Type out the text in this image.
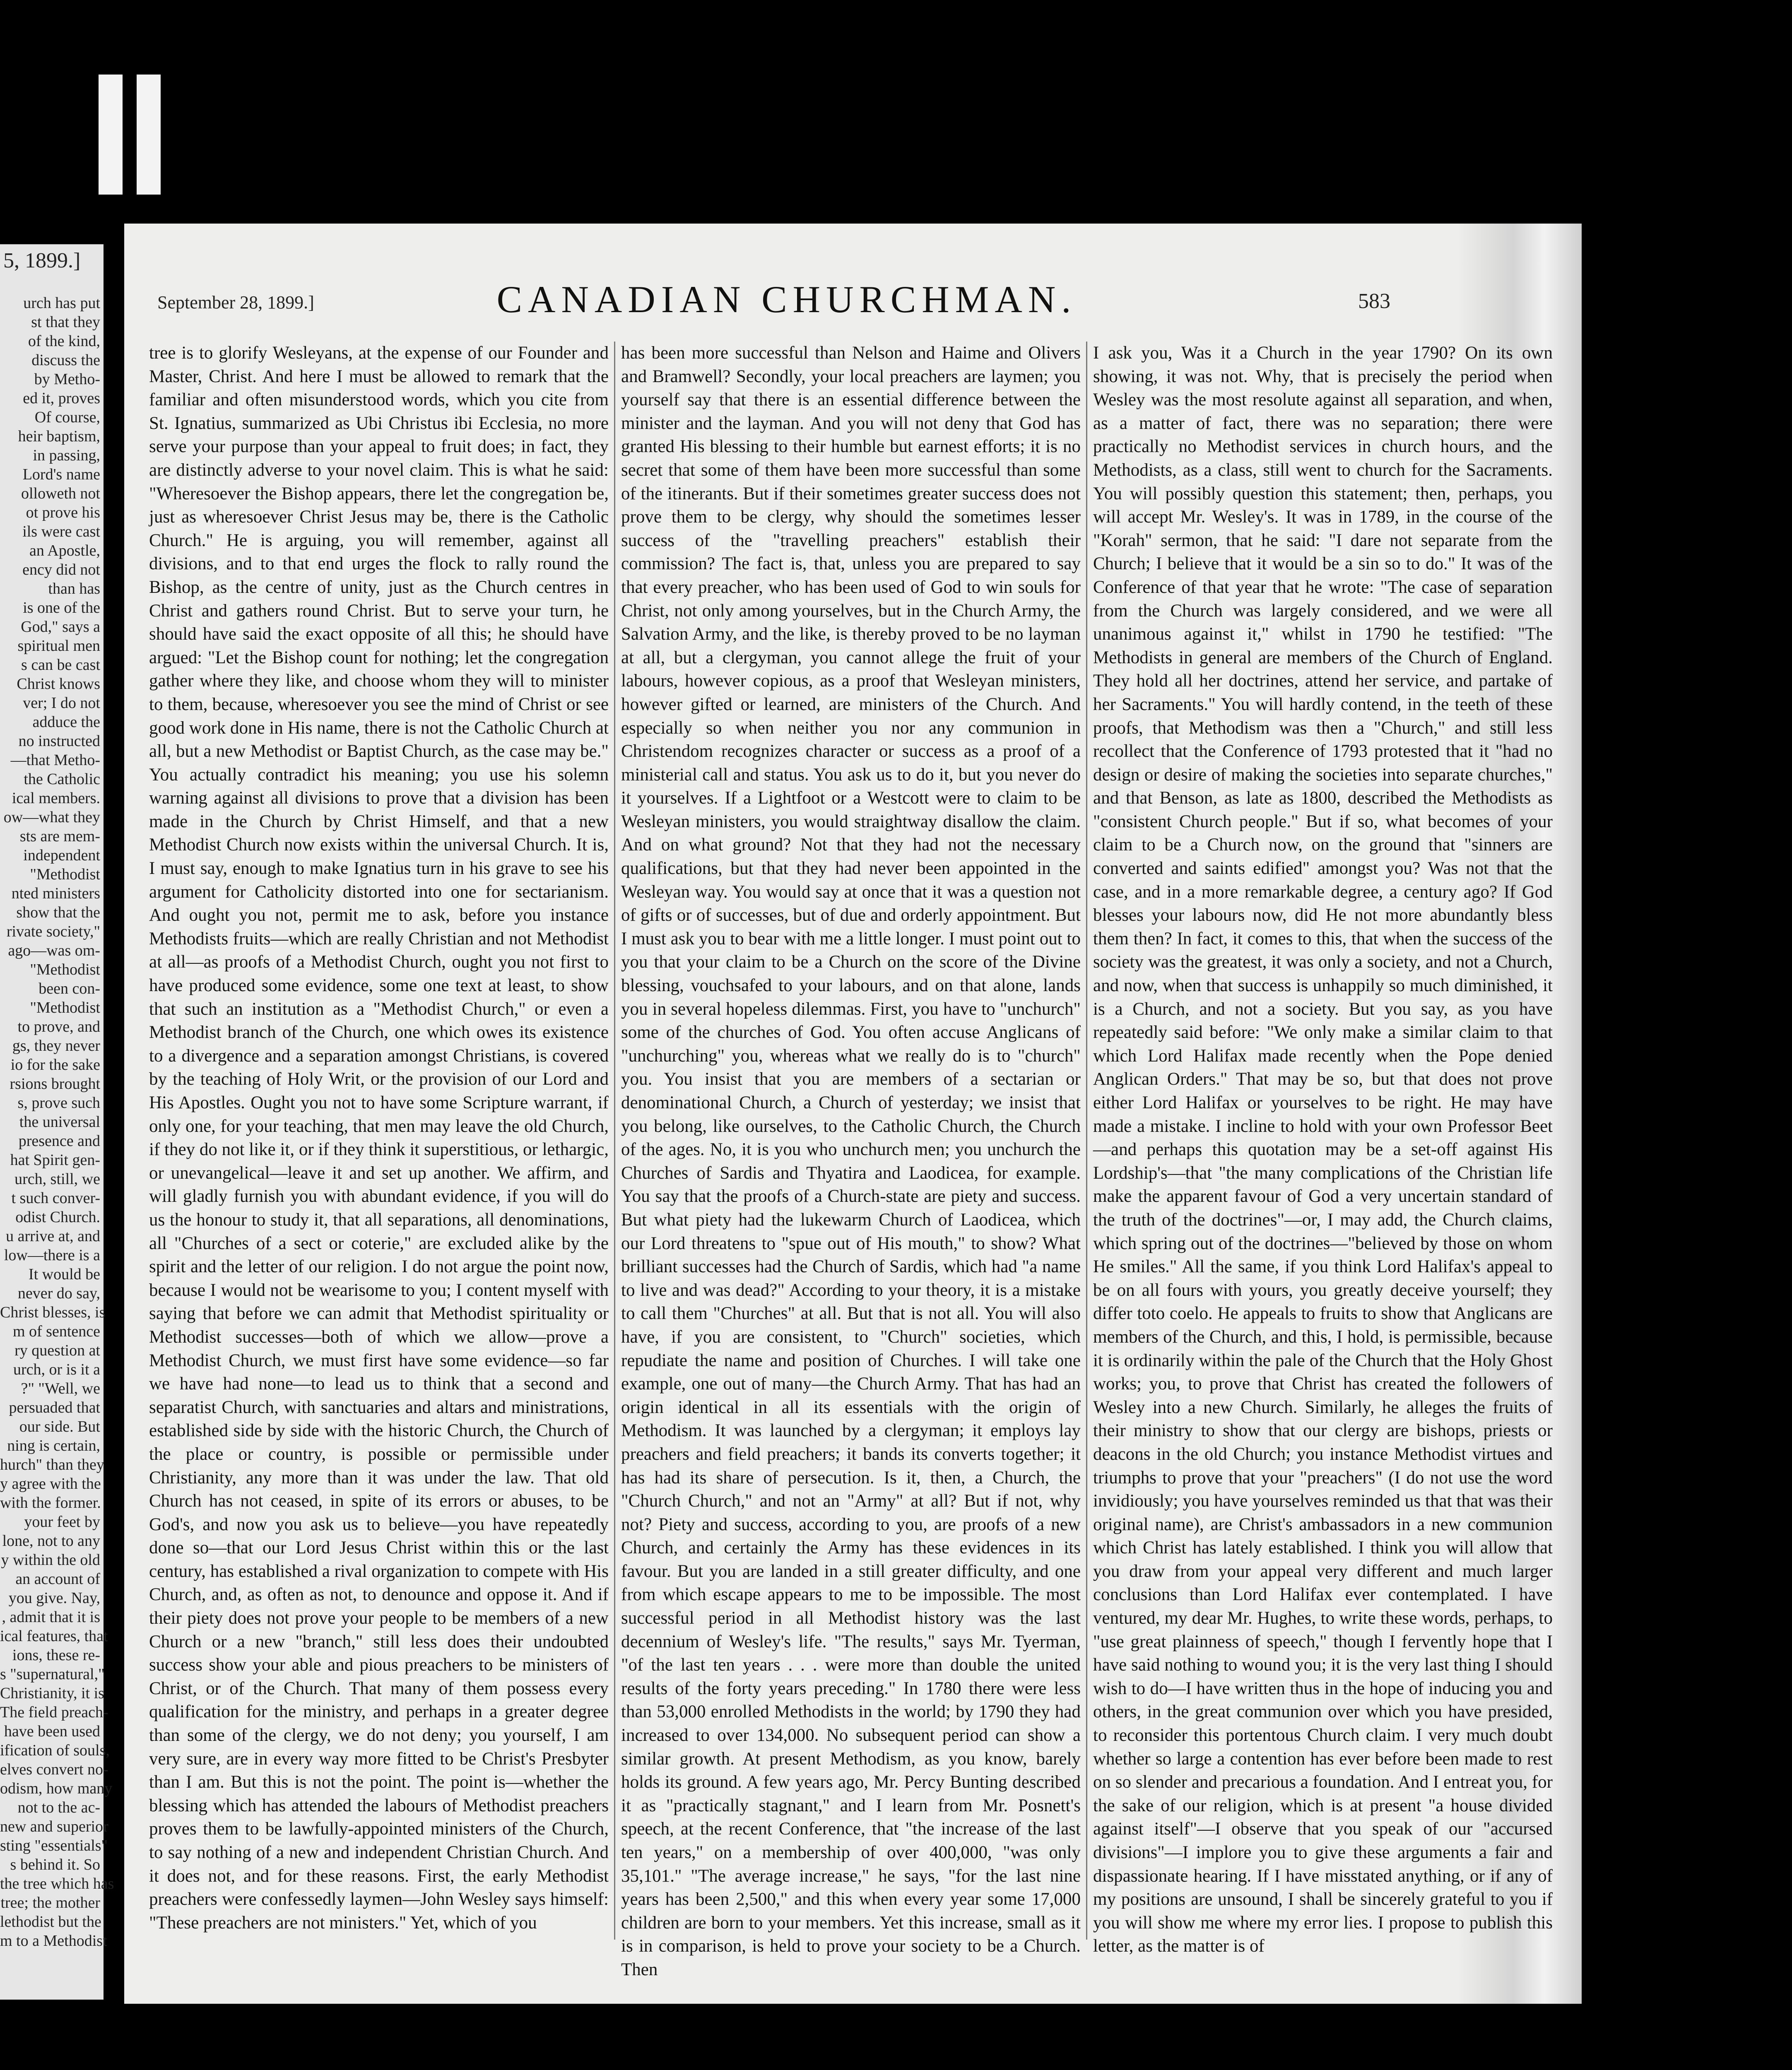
5, 1899.]
urch has put
st that they
of the kind,
discuss the
by Metho-
ed it, proves
Of course,
heir baptism,
in passing,
Lord's name
olloweth not
ot prove his
ils were cast
an Apostle,
ency did not
than has
is one of the
God," says a
spiritual men
s can be cast
Christ knows
ver; I do not
adduce the
no instructed
—that Metho-
the Catholic
ical members.
ow—what they
sts are mem-
independent
"Methodist
nted ministers
show that the
rivate society,"
ago—was om-
"Methodist
been con-
"Methodist
to prove, and
gs, they never
io for the sake
rsions brought
s, prove such
the universal
presence and
hat Spirit gen-
urch, still, we
t such conver-
odist Church.
u arrive at, and
low—there is a
It would be
never do say,
Christ blesses, is
m of sentence
ry question at
urch, or is it a
?" "Well, we
persuaded that
our side. But
ning is certain,
hurch" than they
y agree with the
with the former.
your feet by
lone, not to any
y within the old
an account of
you give. Nay,
, admit that it is
ical features, that
ions, these re-
s "supernatural,"
Christianity, it is
The field preach-
have been used
ification of souls,
elves convert no-
odism, how many
not to the ac-
new and superior
sting "essentials"
s behind it. So
the tree which has
tree; the mother
lethodist but the
m to a Methodist
September 28, 1899.]	CANADIAN CHURCHMAN.	583

tree is to glorify Wesleyans, at the expense of our Founder and Master, Christ. And here I must be allowed to remark that the familiar and often misunderstood words, which you cite from St. Ignatius, summarized as Ubi Christus ibi Ecclesia, no more serve your purpose than your appeal to fruit does; in fact, they are distinctly adverse to your novel claim. This is what he said: "Wheresoever the Bishop appears, there let the congregation be, just as wheresoever Christ Jesus may be, there is the Catholic Church." He is arguing, you will remember, against all divisions, and to that end urges the flock to rally round the Bishop, as the centre of unity, just as the Church centres in Christ and gathers round Christ. But to serve your turn, he should have said the exact opposite of all this; he should have argued: "Let the Bishop count for nothing; let the congregation gather where they like, and choose whom they will to minister to them, because, wheresoever you see the mind of Christ or see good work done in His name, there is not the Catholic Church at all, but a new Methodist or Baptist Church, as the case may be." You actually contradict his meaning; you use his solemn warning against all divisions to prove that a division has been made in the Church by Christ Himself, and that a new Methodist Church now exists within the universal Church. It is, I must say, enough to make Ignatius turn in his grave to see his argument for Catholicity distorted into one for sectarianism. And ought you not, permit me to ask, before you instance Methodists fruits—which are really Christian and not Methodist at all—as proofs of a Methodist Church, ought you not first to have produced some evidence, some one text at least, to show that such an institution as a "Methodist Church," or even a Methodist branch of the Church, one which owes its existence to a divergence and a separation amongst Christians, is covered by the teaching of Holy Writ, or the provision of our Lord and His Apostles. Ought you not to have some Scripture warrant, if only one, for your teaching, that men may leave the old Church, if they do not like it, or if they think it superstitious, or lethargic, or unevangelical—leave it and set up another. We affirm, and will gladly furnish you with abundant evidence, if you will do us the honour to study it, that all separations, all denominations, all "Churches of a sect or coterie," are excluded alike by the spirit and the letter of our religion. I do not argue the point now, because I would not be wearisome to you; I content myself with saying that before we can admit that Methodist spirituality or Methodist successes—both of which we allow—prove a Methodist Church, we must first have some evidence—so far we have had none—to lead us to think that a second and separatist Church, with sanctuaries and altars and ministrations, established side by side with the historic Church, the Church of the place or country, is possible or permissible under Christianity, any more than it was under the law. That old Church has not ceased, in spite of its errors or abuses, to be God's, and now you ask us to believe—you have repeatedly done so—that our Lord Jesus Christ within this or the last century, has established a rival organization to compete with His Church, and, as often as not, to denounce and oppose it. And if their piety does not prove your people to be members of a new Church or a new "branch," still less does their undoubted success show your able and pious preachers to be ministers of Christ, or of the Church. That many of them possess every qualification for the ministry, and perhaps in a greater degree than some of the clergy, we do not deny; you yourself, I am very sure, are in every way more fitted to be Christ's Presbyter than I am. But this is not the point. The point is—whether the blessing which has attended the labours of Methodist preachers proves them to be lawfully-appointed ministers of the Church, to say nothing of a new and independent Christian Church. And it does not, and for these reasons. First, the early Methodist preachers were confessedly laymen—John Wesley says himself: "These preachers are not ministers." Yet, which of you

has been more successful than Nelson and Haime and Olivers and Bramwell? Secondly, your local preachers are laymen; you yourself say that there is an essential difference between the minister and the layman. And you will not deny that God has granted His blessing to their humble but earnest efforts; it is no secret that some of them have been more successful than some of the itinerants. But if their sometimes greater success does not prove them to be clergy, why should the sometimes lesser success of the "travelling preachers" establish their commission? The fact is, that, unless you are prepared to say that every preacher, who has been used of God to win souls for Christ, not only among yourselves, but in the Church Army, the Salvation Army, and the like, is thereby proved to be no layman at all, but a clergyman, you cannot allege the fruit of your labours, however copious, as a proof that Wesleyan ministers, however gifted or learned, are ministers of the Church. And especially so when neither you nor any communion in Christendom recognizes character or success as a proof of a ministerial call and status. You ask us to do it, but you never do it yourselves. If a Lightfoot or a Westcott were to claim to be Wesleyan ministers, you would straightway disallow the claim. And on what ground? Not that they had not the necessary qualifications, but that they had never been appointed in the Wesleyan way. You would say at once that it was a question not of gifts or of successes, but of due and orderly appointment. But I must ask you to bear with me a little longer. I must point out to you that your claim to be a Church on the score of the Divine blessing, vouchsafed to your labours, and on that alone, lands you in several hopeless dilemmas. First, you have to "unchurch" some of the churches of God. You often accuse Anglicans of "unchurching" you, whereas what we really do is to "church" you. You insist that you are members of a sectarian or denominational Church, a Church of yesterday; we insist that you belong, like ourselves, to the Catholic Church, the Church of the ages. No, it is you who unchurch men; you unchurch the Churches of Sardis and Thyatira and Laodicea, for example. You say that the proofs of a Church-state are piety and success. But what piety had the lukewarm Church of Laodicea, which our Lord threatens to "spue out of His mouth," to show? What brilliant successes had the Church of Sardis, which had "a name to live and was dead?" According to your theory, it is a mistake to call them "Churches" at all. But that is not all. You will also have, if you are consistent, to "Church" societies, which repudiate the name and position of Churches. I will take one example, one out of many—the Church Army. That has had an origin identical in all its essentials with the origin of Methodism. It was launched by a clergyman; it employs lay preachers and field preachers; it bands its converts together; it has had its share of persecution. Is it, then, a Church, the "Church Church," and not an "Army" at all? But if not, why not? Piety and success, according to you, are proofs of a new Church, and certainly the Army has these evidences in its favour. But you are landed in a still greater difficulty, and one from which escape appears to me to be impossible. The most successful period in all Methodist history was the last decennium of Wesley's life. "The results," says Mr. Tyerman, "of the last ten years . . . were more than double the united results of the forty years preceding." In 1780 there were less than 53,000 enrolled Methodists in the world; by 1790 they had increased to over 134,000. No subsequent period can show a similar growth. At present Methodism, as you know, barely holds its ground. A few years ago, Mr. Percy Bunting described it as "practically stagnant," and I learn from Mr. Posnett's speech, at the recent Conference, that "the increase of the last ten years," on a membership of over 400,000, "was only 35,101." "The average increase," he says, "for the last nine years has been 2,500," and this when every year some 17,000 children are born to your members. Yet this increase, small as it is in comparison, is held to prove your society to be a Church. Then

I ask you, Was it a Church in the year 1790? On its own showing, it was not. Why, that is precisely the period when Wesley was the most resolute against all separation, and when, as a matter of fact, there was no separation; there were practically no Methodist services in church hours, and the Methodists, as a class, still went to church for the Sacraments. You will possibly question this statement; then, perhaps, you will accept Mr. Wesley's. It was in 1789, in the course of the "Korah" sermon, that he said: "I dare not separate from the Church; I believe that it would be a sin so to do." It was of the Conference of that year that he wrote: "The case of separation from the Church was largely considered, and we were all unanimous against it," whilst in 1790 he testified: "The Methodists in general are members of the Church of England. They hold all her doctrines, attend her service, and partake of her Sacraments." You will hardly contend, in the teeth of these proofs, that Methodism was then a "Church," and still less recollect that the Conference of 1793 protested that it "had no design or desire of making the societies into separate churches," and that Benson, as late as 1800, described the Methodists as "consistent Church people." But if so, what becomes of your claim to be a Church now, on the ground that "sinners are converted and saints edified" amongst you? Was not that the case, and in a more remarkable degree, a century ago? If God blesses your labours now, did He not more abundantly bless them then? In fact, it comes to this, that when the success of the society was the greatest, it was only a society, and not a Church, and now, when that success is unhappily so much diminished, it is a Church, and not a society. But you say, as you have repeatedly said before: "We only make a similar claim to that which Lord Halifax made recently when the Pope denied Anglican Orders." That may be so, but that does not prove either Lord Halifax or yourselves to be right. He may have made a mistake. I incline to hold with your own Professor Beet—and perhaps this quotation may be a set-off against His Lordship's—that "the many complications of the Christian life make the apparent favour of God a very uncertain standard of the truth of the doctrines"—or, I may add, the Church claims, which spring out of the doctrines—"believed by those on whom He smiles." All the same, if you think Lord Halifax's appeal to be on all fours with yours, you greatly deceive yourself; they differ toto coelo. He appeals to fruits to show that Anglicans are members of the Church, and this, I hold, is permissible, because it is ordinarily within the pale of the Church that the Holy Ghost works; you, to prove that Christ has created the followers of Wesley into a new Church. Similarly, he alleges the fruits of their ministry to show that our clergy are bishops, priests or deacons in the old Church; you instance Methodist virtues and triumphs to prove that your "preachers" (I do not use the word invidiously; you have yourselves reminded us that that was their original name), are Christ's ambassadors in a new communion which Christ has lately established. I think you will allow that you draw from your appeal very different and much larger conclusions than Lord Halifax ever contemplated. I have ventured, my dear Mr. Hughes, to write these words, perhaps, to "use great plainness of speech," though I fervently hope that I have said nothing to wound you; it is the very last thing I should wish to do—I have written thus in the hope of inducing you and others, in the great communion over which you have presided, to reconsider this portentous Church claim. I very much doubt whether so large a contention has ever before been made to rest on so slender and precarious a foundation. And I entreat you, for the sake of our religion, which is at present "a house divided against itself"—I observe that you speak of our "accursed divisions"—I implore you to give these arguments a fair and dispassionate hearing. If I have misstated anything, or if any of my positions are unsound, I shall be sincerely grateful to you if you will show me where my error lies. I propose to publish this letter, as the matter is of
